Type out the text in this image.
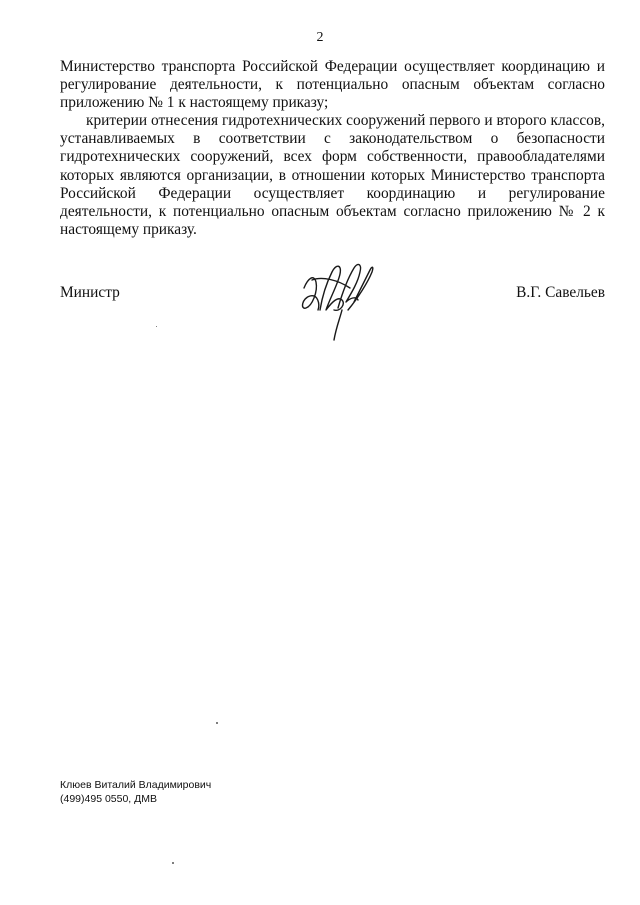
2

Министерство транспорта Российской Федерации осуществляет координацию и регулирование деятельности, к потенциально опасным объектам согласно приложению № 1 к настоящему приказу;

критерии отнесения гидротехнических сооружений первого и второго классов, устанавливаемых в соответствии с законодательством о безопасности гидротехнических сооружений, всех форм собственности, правообладателями которых являются организации, в отношении которых Министерство транспорта Российской Федерации осуществляет координацию и регулирование деятельности, к потенциально опасным объектам согласно приложению № 2 к настоящему приказу.

Министр	В.Г. Савельев
Клюев Виталий Владимирович
(499)495 0550, ДМВ
